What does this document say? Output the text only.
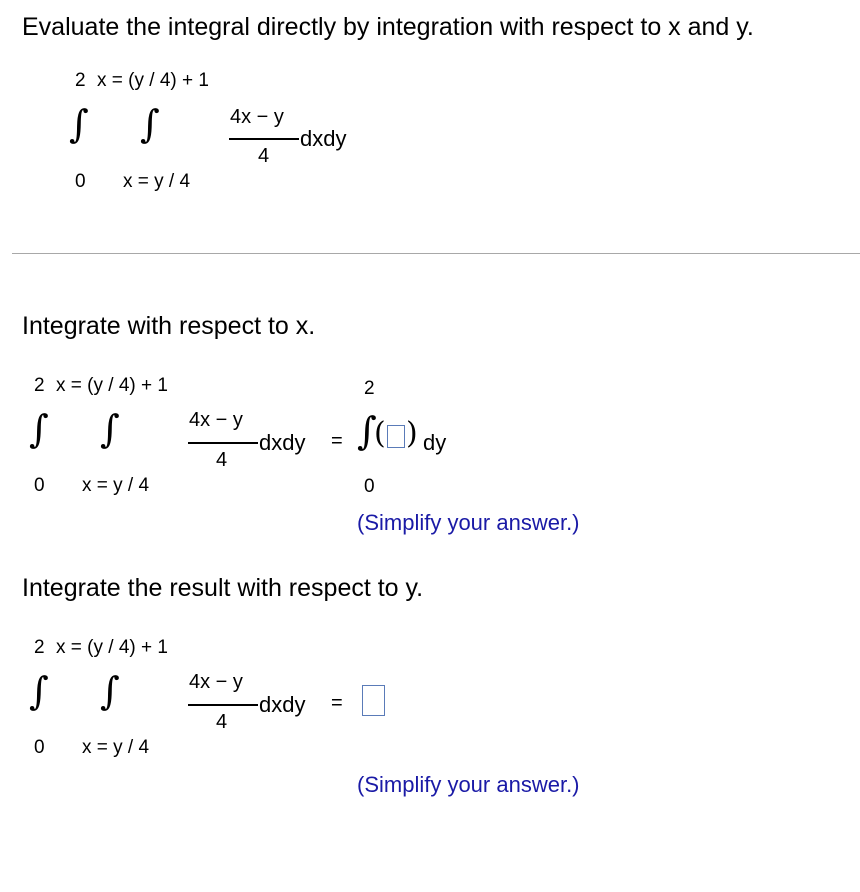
Evaluate the integral directly by integration with respect to x and y.
2 x = (y / 4) + 1
∫ ∫	4x − y
4
dxdy
0 x = y / 4
Integrate with respect to x.
2 x = (y / 4) + 1
∫ ∫	4x − y
4
dxdy
0 x = y / 4
=
2
∫
( ) dy
0
(Simplify your answer.)
Integrate the result with respect to y.
2 x = (y / 4) + 1
∫ ∫	4x − y
4
dxdy
0 x = y / 4
=
(Simplify your answer.)
